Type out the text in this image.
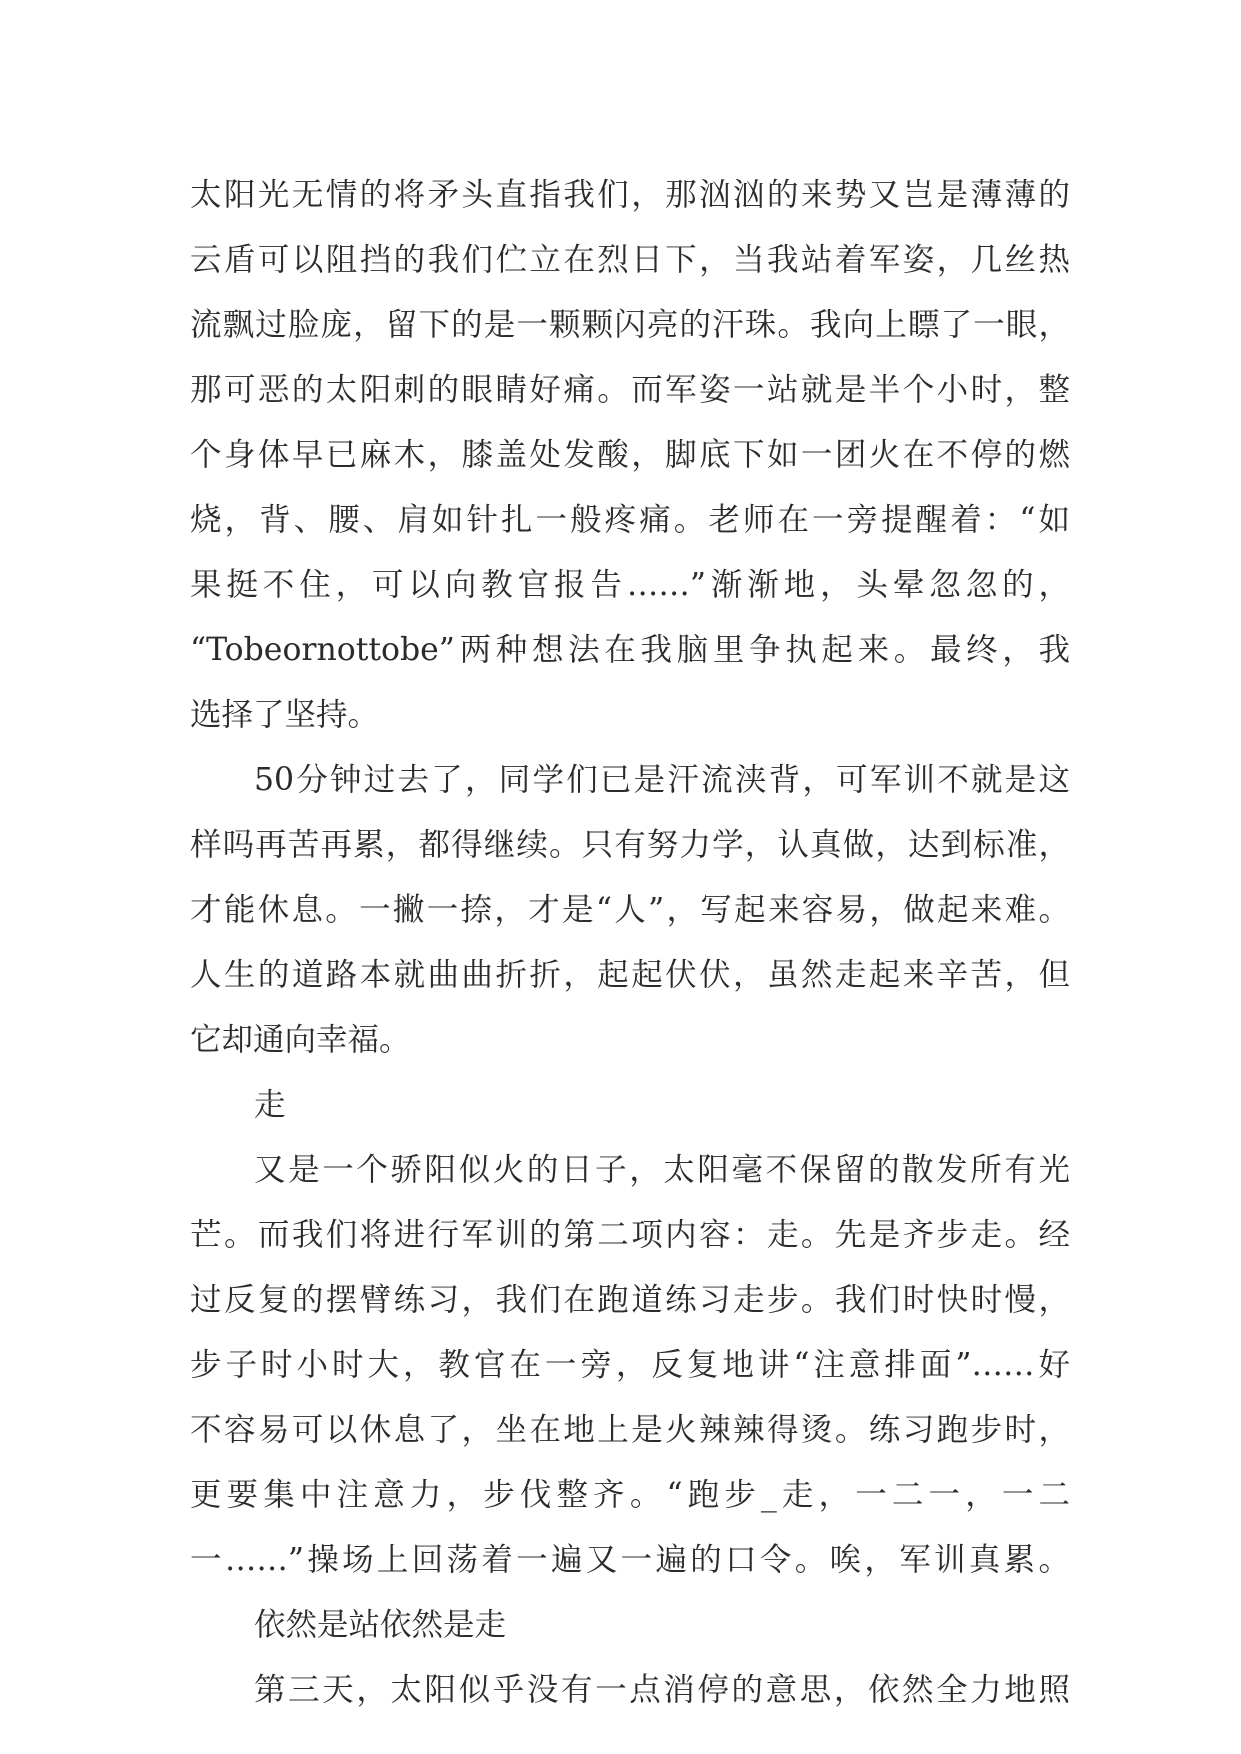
太阳光无情的将矛头直指我们，那汹汹的来势又岂是薄薄的
云盾可以阻挡的我们伫立在烈日下，当我站着军姿，几丝热
流飘过脸庞，留下的是一颗颗闪亮的汗珠。我向上瞟了一眼，
那可恶的太阳刺的眼睛好痛。而军姿一站就是半个小时，整
个身体早已麻木，膝盖处发酸，脚底下如一团火在不停的燃
烧，背、腰、肩如针扎一般疼痛。老师在一旁提醒着：“如
果挺不住，可以向教官报告……”渐渐地，头晕忽忽的，
“Tobeornottobe”两种想法在我脑里争执起来。最终，我
选择了坚持。
50分钟过去了，同学们已是汗流浃背，可军训不就是这
样吗再苦再累，都得继续。只有努力学，认真做，达到标准，
才能休息。一撇一捺，才是“人”，写起来容易，做起来难。
人生的道路本就曲曲折折，起起伏伏，虽然走起来辛苦，但
它却通向幸福。
走
又是一个骄阳似火的日子，太阳毫不保留的散发所有光
芒。而我们将进行军训的第二项内容：走。先是齐步走。经
过反复的摆臂练习，我们在跑道练习走步。我们时快时慢，
步子时小时大，教官在一旁，反复地讲“注意排面”……好
不容易可以休息了，坐在地上是火辣辣得烫。练习跑步时，
更要集中注意力，步伐整齐。“跑步_走，一二一，一二
一……”操场上回荡着一遍又一遍的口令。唉，军训真累。
依然是站依然是走
第三天，太阳似乎没有一点消停的意思，依然全力地照
